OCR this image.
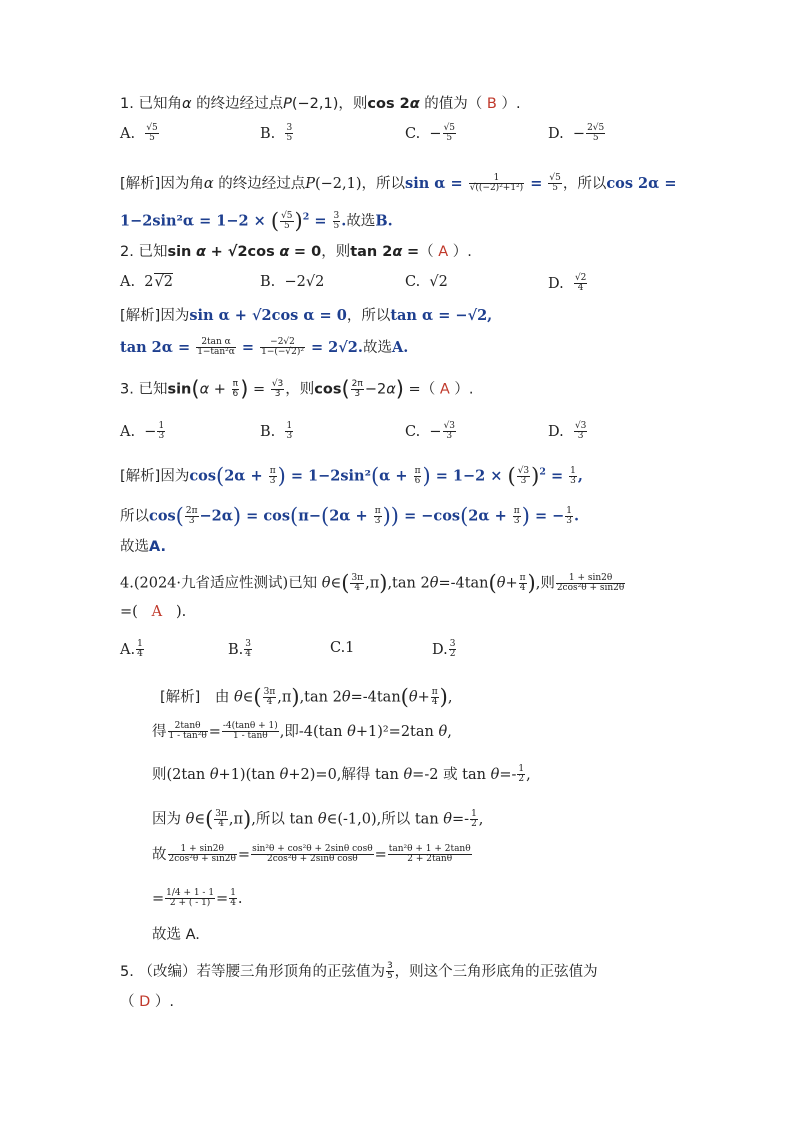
1. 已知角α 的终边经过点P(−2,1)，则cos 2α 的值为（ B ）.
A. $\frac{√5}{5}$	B. $\frac{3}{5}$	C.  − $\frac{√5}{5}$	D.  − $\frac{2√5}{5}$
[解析]因为角α 的终边经过点P(−2,1)，所以$\sin \alpha = \frac{1}{\text{√((−2)²+1²)}} = \frac{√5}{5}$ ，所以cos 2α =
1−2sin²α = 1−2 × ( $\frac{√5}{5} )^2 = \frac{3}{5}$ .故选B.
2. 已知sin α + √2cos α = 0，则tan 2α =（ A ）.
A.  2√2	B.  −2√2	C.  √2	D. $\frac{√2}{4}$
[解析]因为sin α + √2cos α = 0，所以tan α = −√2,
$\tan 2\alpha = \frac{\text{2tan α}}{\text{1−tan²α}} = \frac{-2√2}{\text{1−(−√2)²}} = 2√2$.故选A.
3. 已知$\sin(\alpha + \frac{\pi}{6}$ ) = $\frac{√3}{3}$ ，则$\cos( \frac{2\pi}{3} -2\alpha)$ =（ A ）.
A.  − $\frac{1}{3}$	B. $\frac{1}{3}$	C.  − $\frac{√3}{3}$	D. $\frac{√3}{3}$
[解析]因为$\cos(2\alpha + \frac{\pi}{3}$ ) = $1-2\sin^2(\alpha + \frac{\pi}{6}$ ) = 1−2 × ( $\frac{√3}{3} )^2 = \frac{1}{3}$ ,
所以$\cos( \frac{2\pi}{3} -2\alpha) = \cos(\pi-(2\alpha + \frac{\pi}{3}$ )) = $-\cos(2\alpha + \frac{\pi}{3}$ ) = − $\frac{1}{3}$ .
故选A.
4.(2024·九省适应性测试)已知 θ∈( $\frac{3\pi}{4} ,\pi),\tan$ $2\theta=-4\tan(\theta+ \frac{\pi}{4}$ ),则 $\frac{1 + \sin 2\theta}{\text{2cos²θ + sin2θ}}$
=( A ).
A. $\frac{1}{4}$	B. $\frac{3}{4}$	C.1	D. $\frac{3}{2}$
[解析]　由 θ∈( $\frac{3\pi}{4} ,\pi),\tan$ $2\theta=-4\tan(\theta+ \frac{\pi}{4}$ ),
得 $\frac{2\tan\theta}{\text{1 - tan²θ}} = \frac{-4(\tan\theta + 1)}{1 - \tan\theta}$ ,即-4(tan θ+1)²=2tan θ,
则(2tan θ+1)(tan θ+2)=0,解得 tan θ=-2 或 $\tan \theta=- \frac{1}{2}$ ,
因为 θ∈( $\frac{3\pi}{4} ,\pi$),所以 tan θ∈(-1,0),所以 $\tan \theta=- \frac{1}{2}$ ,
故 $\frac{1 + \sin 2\theta}{\text{2cos²θ + sin2θ}} = \frac{\text{sin²θ + cos²θ + 2sinθ cosθ}}{\text{2cos²θ + 2sinθ cosθ}} = \frac{\text{tan²θ + 1 + 2tanθ}}{2 + 2\tan\theta}$
= $\frac{1/4 + 1 - 1}{2 + ( - 1)} = \frac{1}{4}$ .
故选 A.
5. （改编）若等腰三角形顶角的正弦值为 $\frac{3}{5}$ ，则这个三角形底角的正弦值为
（ D ）.
